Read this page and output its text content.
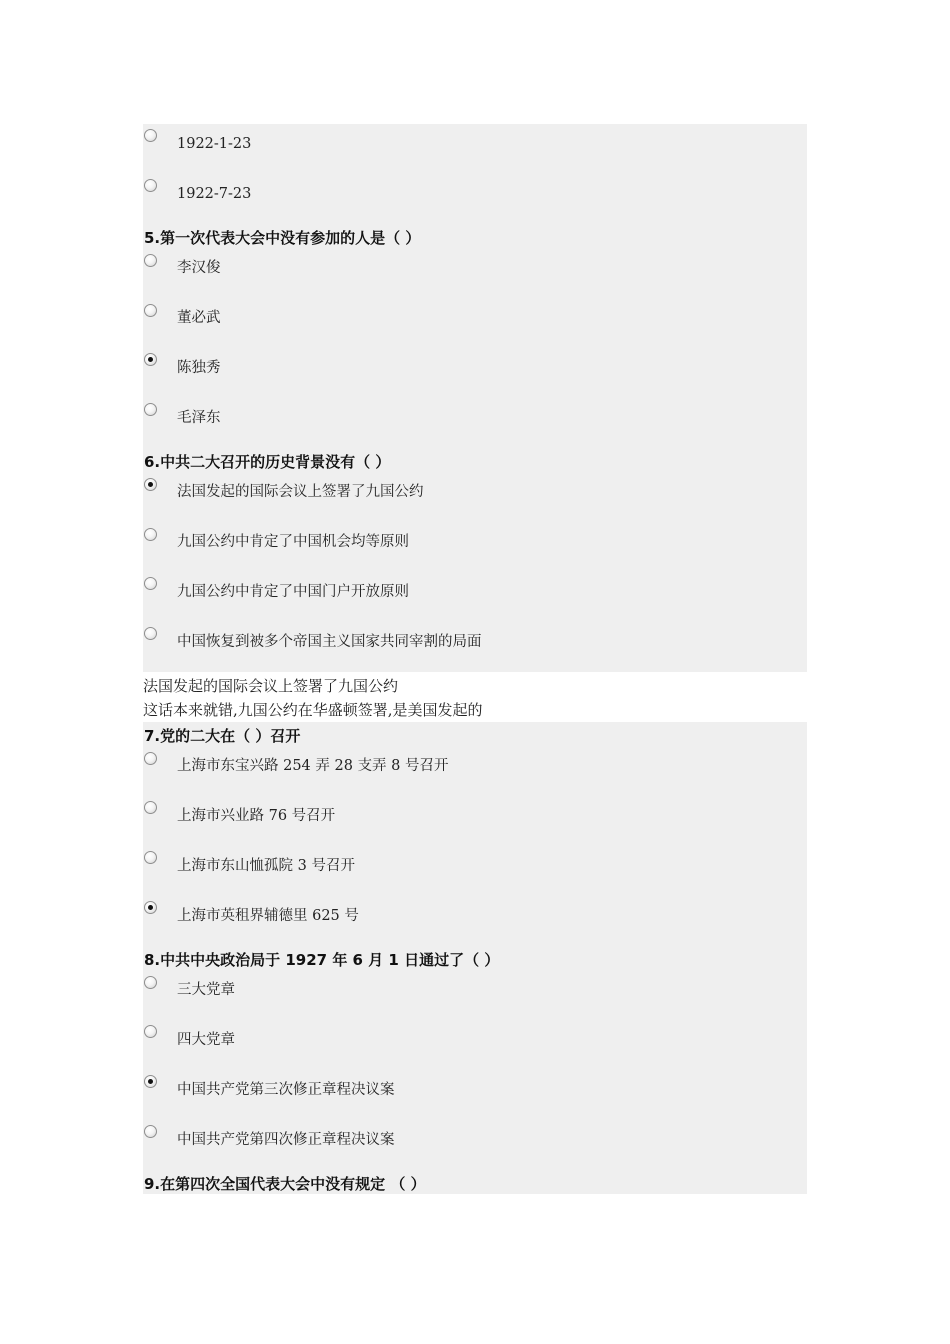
1922-1-23
1922-7-23
5.第一次代表大会中没有参加的人是（ ）
李汉俊
董必武
陈独秀
毛泽东
6.中共二大召开的历史背景没有（ ）
法国发起的国际会议上签署了九国公约
九国公约中肯定了中国机会均等原则
九国公约中肯定了中国门户开放原则
中国恢复到被多个帝国主义国家共同宰割的局面
法国发起的国际会议上签署了九国公约
这话本来就错,九国公约在华盛顿签署,是美国发起的
7.党的二大在（ ）召开
上海市东宝兴路 254 弄 28 支弄 8 号召开
上海市兴业路 76 号召开
上海市东山恤孤院 3 号召开
上海市英租界辅德里 625 号
8.中共中央政治局于 1927 年 6 月 1 日通过了（ ）
三大党章
四大党章
中国共产党第三次修正章程决议案
中国共产党第四次修正章程决议案
9.在第四次全国代表大会中没有规定 （ ）
